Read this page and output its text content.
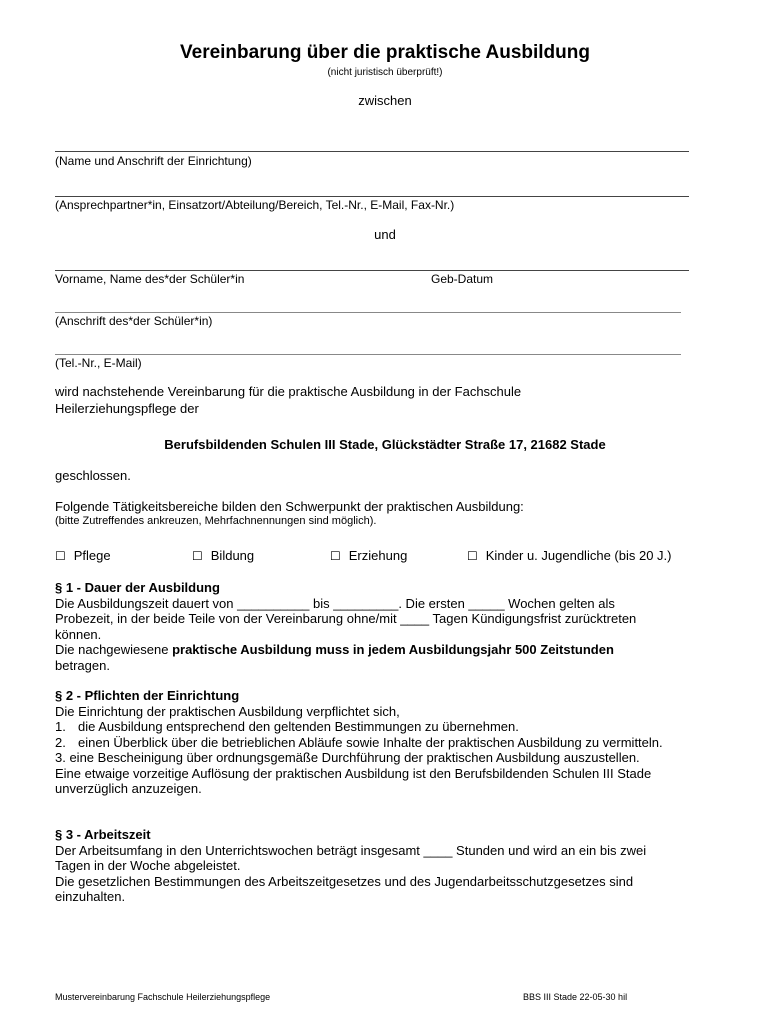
Vereinbarung über die praktische Ausbildung
(nicht juristisch überprüft!)
zwischen
(Name und Anschrift der Einrichtung)
(Ansprechpartner*in, Einsatzort/Abteilung/Bereich, Tel.-Nr., E-Mail, Fax-Nr.)
und
Vorname, Name des*der Schüler*in	Geb-Datum
(Anschrift des*der Schüler*in)
(Tel.-Nr., E-Mail)
wird nachstehende Vereinbarung für die praktische Ausbildung in der Fachschule
Heilerziehungspflege der
Berufsbildenden Schulen III Stade, Glückstädter Straße 17, 21682 Stade
geschlossen.
Folgende Tätigkeitsbereiche bilden den Schwerpunkt der praktischen Ausbildung:
(bitte Zutreffendes ankreuzen, Mehrfachnennungen sind möglich).
☐ Pflege	☐ Bildung	☐ Erziehung	☐ Kinder u. Jugendliche (bis 20 J.)

§ 1 - Dauer der Ausbildung

Die Ausbildungszeit dauert von __________ bis _________. Die ersten _____ Wochen gelten als

Probezeit, in der beide Teile von der Vereinbarung ohne/mit ____ Tagen Kündigungsfrist zurücktreten

können.

Die nachgewiesene praktische Ausbildung muss in jedem Ausbildungsjahr 500 Zeitstunden

betragen.

§ 2 - Pflichten der Einrichtung

Die Einrichtung der praktischen Ausbildung verpflichtet sich,

1. die Ausbildung entsprechend den geltenden Bestimmungen zu übernehmen.

2. einen Überblick über die betrieblichen Abläufe sowie Inhalte der praktischen Ausbildung zu vermitteln.

3. eine Bescheinigung über ordnungsgemäße Durchführung der praktischen Ausbildung auszustellen.

Eine etwaige vorzeitige Auflösung der praktischen Ausbildung ist den Berufsbildenden Schulen III Stade

unverzüglich anzuzeigen.

§ 3 - Arbeitszeit

Der Arbeitsumfang in den Unterrichtswochen beträgt insgesamt ____ Stunden und wird an ein bis zwei

Tagen in der Woche abgeleistet.

Die gesetzlichen Bestimmungen des Arbeitszeitgesetzes und des Jugendarbeitsschutzgesetzes sind

einzuhalten.

Mustervereinbarung Fachschule Heilerziehungspflege	BBS III Stade 22-05-30 hil
